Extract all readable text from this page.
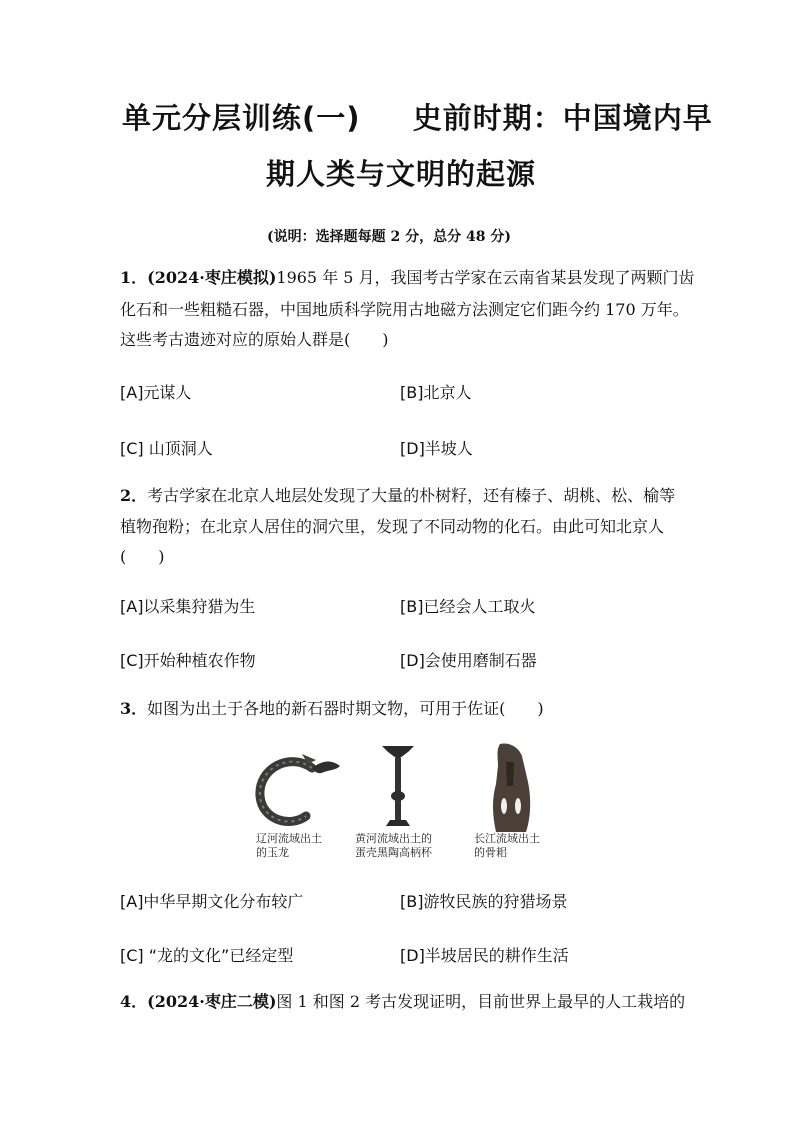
单元分层训练(一) 史前时期：中国境内早
期人类与文明的起源
(说明：选择题每题 2 分，总分 48 分)
1．(2024·枣庄模拟)1965 年 5 月，我国考古学家在云南省某县发现了两颗门齿
化石和一些粗糙石器，中国地质科学院用古地磁方法测定它们距今约 170 万年。
这些考古遗迹对应的原始人群是(　　)
[A]元谋人	[B]北京人
[C] 山顶洞人	[D]半坡人
2．考古学家在北京人地层处发现了大量的朴树籽，还有榛子、胡桃、松、榆等
植物孢粉；在北京人居住的洞穴里，发现了不同动物的化石。由此可知北京人
(　　)
[A]以采集狩猎为生	[B]已经会人工取火
[C]开始种植农作物	[D]会使用磨制石器
3．如图为出土于各地的新石器时期文物，可用于佐证(　　)
辽河流域出土的玉龙
黄河流域出土的蛋壳黑陶高柄杯
长江流域出土的骨耜
[A]中华早期文化分布较广	[B]游牧民族的狩猎场景
[C] “龙的文化”已经定型	[D]半坡居民的耕作生活
4．(2024·枣庄二模)图 1 和图 2 考古发现证明，目前世界上最早的人工栽培的
